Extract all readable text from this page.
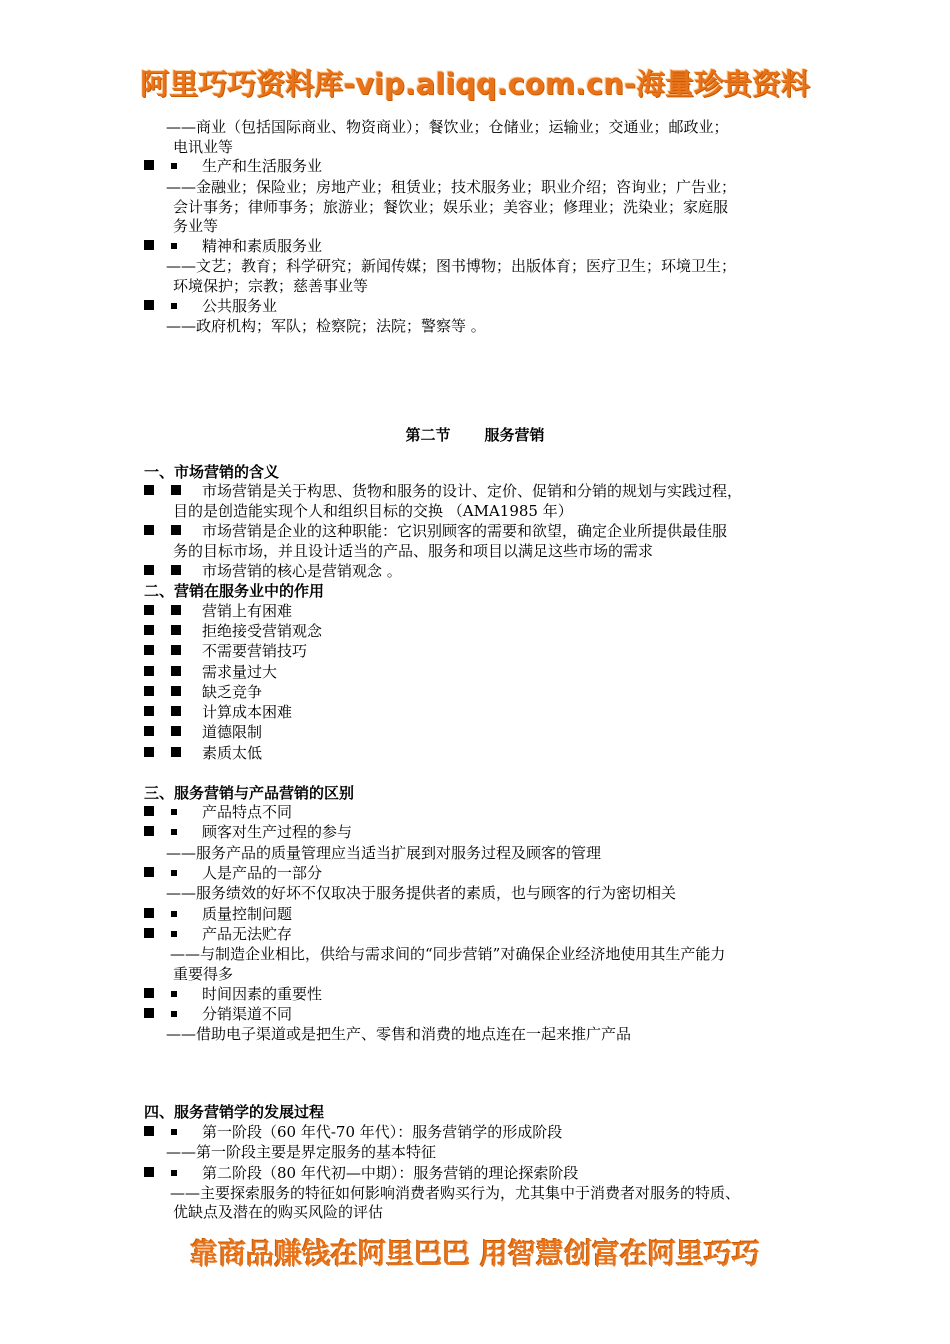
阿里巧巧资料库-vip.aliqq.com.cn-海量珍贵资料
——商业（包括国际商业、物资商业）；餐饮业；仓储业；运输业；交通业；邮政业；
电讯业等
生产和生活服务业
——金融业；保险业；房地产业；租赁业；技术服务业；职业介绍；咨询业；广告业；
会计事务；律师事务；旅游业；餐饮业；娱乐业；美容业；修理业；洗染业；家庭服
务业等
精神和素质服务业
——文艺；教育；科学研究；新闻传媒；图书博物；出版体育；医疗卫生；环境卫生；
环境保护；宗教；慈善事业等
公共服务业
——政府机构；军队；检察院；法院；警察等 。
第二节 服务营销
一、市场营销的含义
市场营销是关于构思、货物和服务的设计、定价、促销和分销的规划与实践过程，
目的是创造能实现个人和组织目标的交换 （AMA1985 年）
市场营销是企业的这种职能：它识别顾客的需要和欲望，确定企业所提供最佳服
务的目标市场，并且设计适当的产品、服务和项目以满足这些市场的需求
市场营销的核心是营销观念 。
二、营销在服务业中的作用
营销上有困难
拒绝接受营销观念
不需要营销技巧
需求量过大
缺乏竞争
计算成本困难
道德限制
素质太低
三、服务营销与产品营销的区别
产品特点不同
顾客对生产过程的参与
——服务产品的质量管理应当适当扩展到对服务过程及顾客的管理
人是产品的一部分
——服务绩效的好坏不仅取决于服务提供者的素质，也与顾客的行为密切相关
质量控制问题
产品无法贮存
——与制造企业相比，供给与需求间的“同步营销”对确保企业经济地使用其生产能力
重要得多
时间因素的重要性
分销渠道不同
——借助电子渠道或是把生产、零售和消费的地点连在一起来推广产品
四、服务营销学的发展过程
第一阶段（60 年代-70 年代）：服务营销学的形成阶段
——第一阶段主要是界定服务的基本特征
第二阶段（80 年代初—中期）：服务营销的理论探索阶段
——主要探索服务的特征如何影响消费者购买行为，尤其集中于消费者对服务的特质、
优缺点及潜在的购买风险的评估
靠商品赚钱在阿里巴巴 用智慧创富在阿里巧巧
